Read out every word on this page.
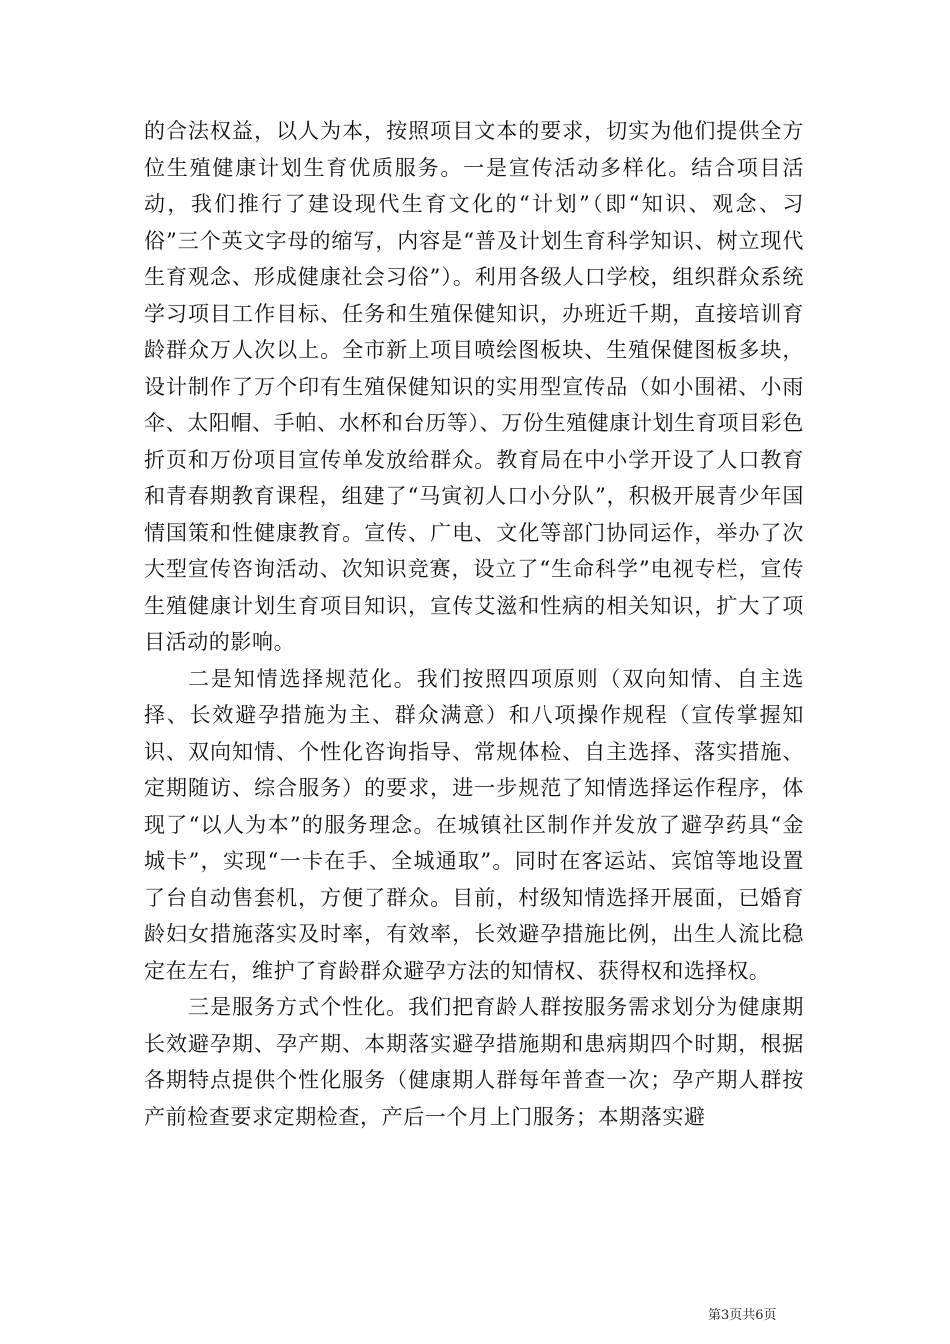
的合法权益，以人为本，按照项目文本的要求，切实为他们提供全方位生殖健康计划生育优质服务。一是宣传活动多样化。结合项目活动，我们推行了建设现代生育文化的“计划”（即“知识、观念、习俗”三个英文字母的缩写，内容是“普及计划生育科学知识、树立现代生育观念、形成健康社会习俗”）。利用各级人口学校，组织群众系统学习项目工作目标、任务和生殖保健知识，办班近千期，直接培训育龄群众万人次以上。全市新上项目喷绘图板块、生殖保健图板多块，设计制作了万个印有生殖保健知识的实用型宣传品（如小围裙、小雨伞、太阳帽、手帕、水杯和台历等）、万份生殖健康计划生育项目彩色折页和万份项目宣传单发放给群众。教育局在中小学开设了人口教育和青春期教育课程，组建了“马寅初人口小分队”，积极开展青少年国情国策和性健康教育。宣传、广电、文化等部门协同运作，举办了次大型宣传咨询活动、次知识竞赛，设立了“生命科学”电视专栏，宣传生殖健康计划生育项目知识，宣传艾滋和性病的相关知识，扩大了项目活动的影响。

二是知情选择规范化。我们按照四项原则（双向知情、自主选择、长效避孕措施为主、群众满意）和八项操作规程（宣传掌握知识、双向知情、个性化咨询指导、常规体检、自主选择、落实措施、定期随访、综合服务）的要求，进一步规范了知情选择运作程序，体现了“以人为本”的服务理念。在城镇社区制作并发放了避孕药具“金城卡”，实现“一卡在手、全城通取”。同时在客运站、宾馆等地设置了台自动售套机，方便了群众。目前，村级知情选择开展面，已婚育龄妇女措施落实及时率，有效率，长效避孕措施比例，出生人流比稳定在左右，维护了育龄群众避孕方法的知情权、获得权和选择权。

三是服务方式个性化。我们把育龄人群按服务需求划分为健康期长效避孕期、孕产期、本期落实避孕措施期和患病期四个时期，根据各期特点提供个性化服务（健康期人群每年普查一次；孕产期人群按产前检查要求定期检查，产后一个月上门服务；本期落实避

第3页共6页
